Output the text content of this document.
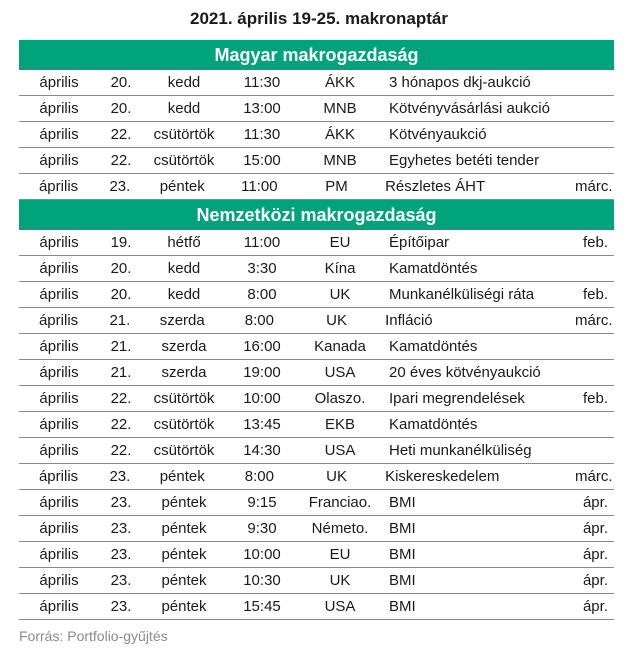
2021. április 19-25. makronaptár
Magyar makrogazdaság
április	20.	kedd	11:30	ÁKK	3 hónapos dkj-aukció
április	20.	kedd	13:00	MNB	Kötvényvásárlási aukció
április	22.	csütörtök	11:30	ÁKK	Kötvényaukció
április	22.	csütörtök	15:00	MNB	Egyhetes betéti tender
április	23.	péntek	11:00	PM	Részletes ÁHT	márc.
Nemzetközi makrogazdaság
április	19.	hétfő	11:00	EU	Építőipar	feb.
április	20.	kedd	3:30	Kína	Kamatdöntés
április	20.	kedd	8:00	UK	Munkanélküliségi ráta	feb.
április	21.	szerda	8:00	UK	Infláció	márc.
április	21.	szerda	16:00	Kanada	Kamatdöntés
április	21.	szerda	19:00	USA	20 éves kötvényaukció
április	22.	csütörtök	10:00	Olaszo.	Ipari megrendelések	feb.
április	22.	csütörtök	13:45	EKB	Kamatdöntés
április	22.	csütörtök	14:30	USA	Heti munkanélküliség
április	23.	péntek	8:00	UK	Kiskereskedelem	márc.
április	23.	péntek	9:15	Franciao.	BMI	ápr.
április	23.	péntek	9:30	Németo.	BMI	ápr.
április	23.	péntek	10:00	EU	BMI	ápr.
április	23.	péntek	10:30	UK	BMI	ápr.
április	23.	péntek	15:45	USA	BMI	ápr.
Forrás: Portfolio-gyűjtés
